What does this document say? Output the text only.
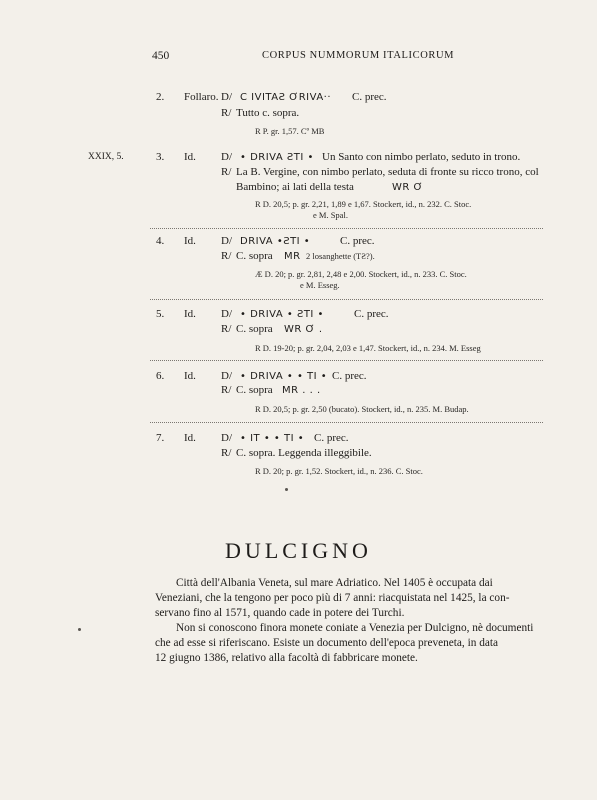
450	CORPUS NUMMORUM ITALICORUM
2. Follaro. D/ C IVITAƧ ƠRIVA·· C. prec.
R/ Tutto c. sopra.
R P. gr. 1,57. Cº MB
XXIX, 5.	3. Id. D/ • DRIVA ƧTI • Un Santo con nimbo perlato, seduto in trono.
R/ La B. Vergine, con nimbo perlato, seduta di fronte su ricco trono, col
Bambino; ai lati della testa	WR Ơ
R D. 20,5; p. gr. 2,21, 1,89 e 1,67. Stockert, id., n. 232. C. Stoc.
e M. Spal.
4. Id. D/ DRIVA •ƧTI •	C. prec.
R/ C. sopra MR 2 losanghette (TƧ?).
Æ D. 20; p. gr. 2,81, 2,48 e 2,00. Stockert, id., n. 233. C. Stoc.
e M. Esseg.
5. Id. D/ • DRIVA • ƧTI •	C. prec.
R/ C. sopra WR Ơ .
R D. 19-20; p. gr. 2,04, 2,03 e 1,47. Stockert, id., n. 234. M. Esseg
6. Id. D/ • DRIVA • • TI • C. prec.
R/ C. sopra MR . . .
R D. 20,5; p. gr. 2,50 (bucato). Stockert, id., n. 235. M. Budap.
7. Id. D/ • IT • • TI • C. prec.
R/ C. sopra. Leggenda illeggibile.
R D. 20; p. gr. 1,52. Stockert, id., n. 236. C. Stoc.
DULCIGNO
Città dell'Albania Veneta, sul mare Adriatico. Nel 1405 è occupata dai
Veneziani, che la tengono per poco più di 7 anni: riacquistata nel 1425, la con-
servano fino al 1571, quando cade in potere dei Turchi.
Non si conoscono finora monete coniate a Venezia per Dulcigno, nè documenti
che ad esse si riferiscano. Esiste un documento dell'epoca preveneta, in data
12 giugno 1386, relativo alla facoltà di fabbricare monete.
